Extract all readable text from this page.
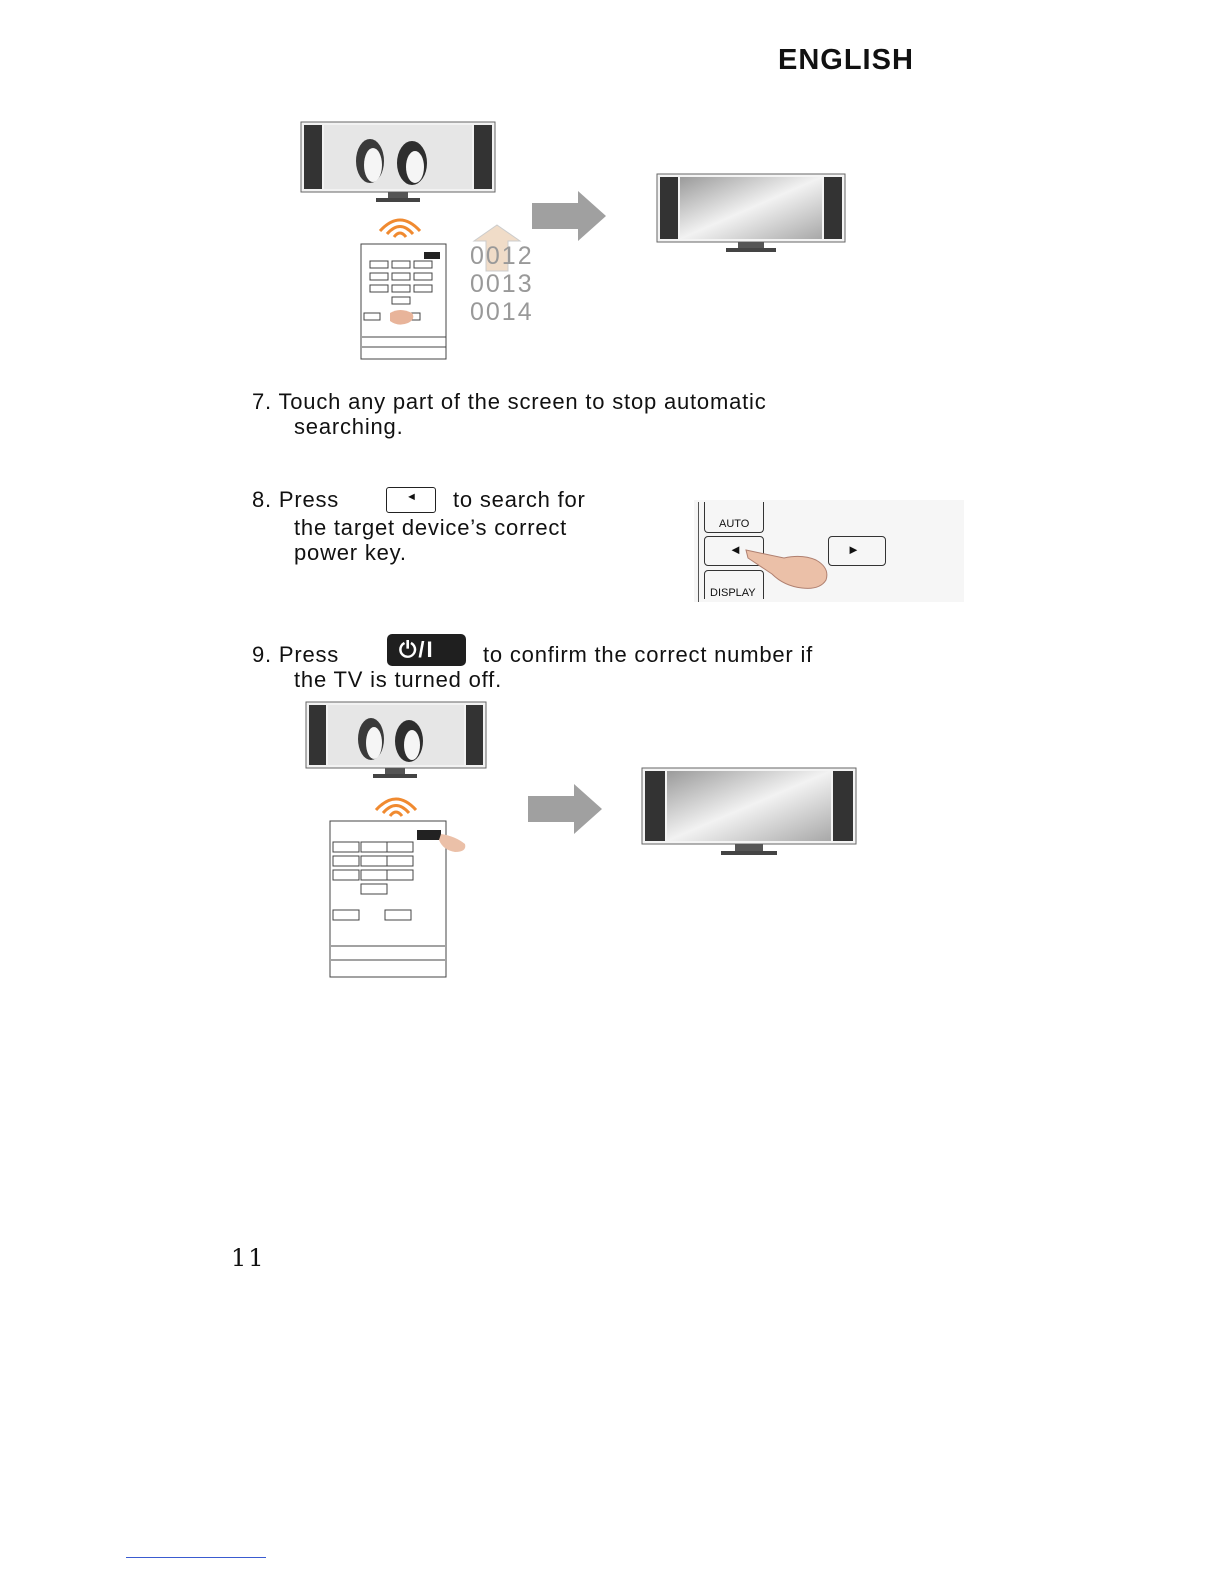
ENGLISH
0012
0013
0014
7. Touch any part of the screen to stop automatic
searching.
8. Press	◄ to search for
the target device’s correct
power key.
AUTO
◄	►
DISPLAY
9. Press	⏻/I to confirm the correct number if
the TV is turned off.
11
